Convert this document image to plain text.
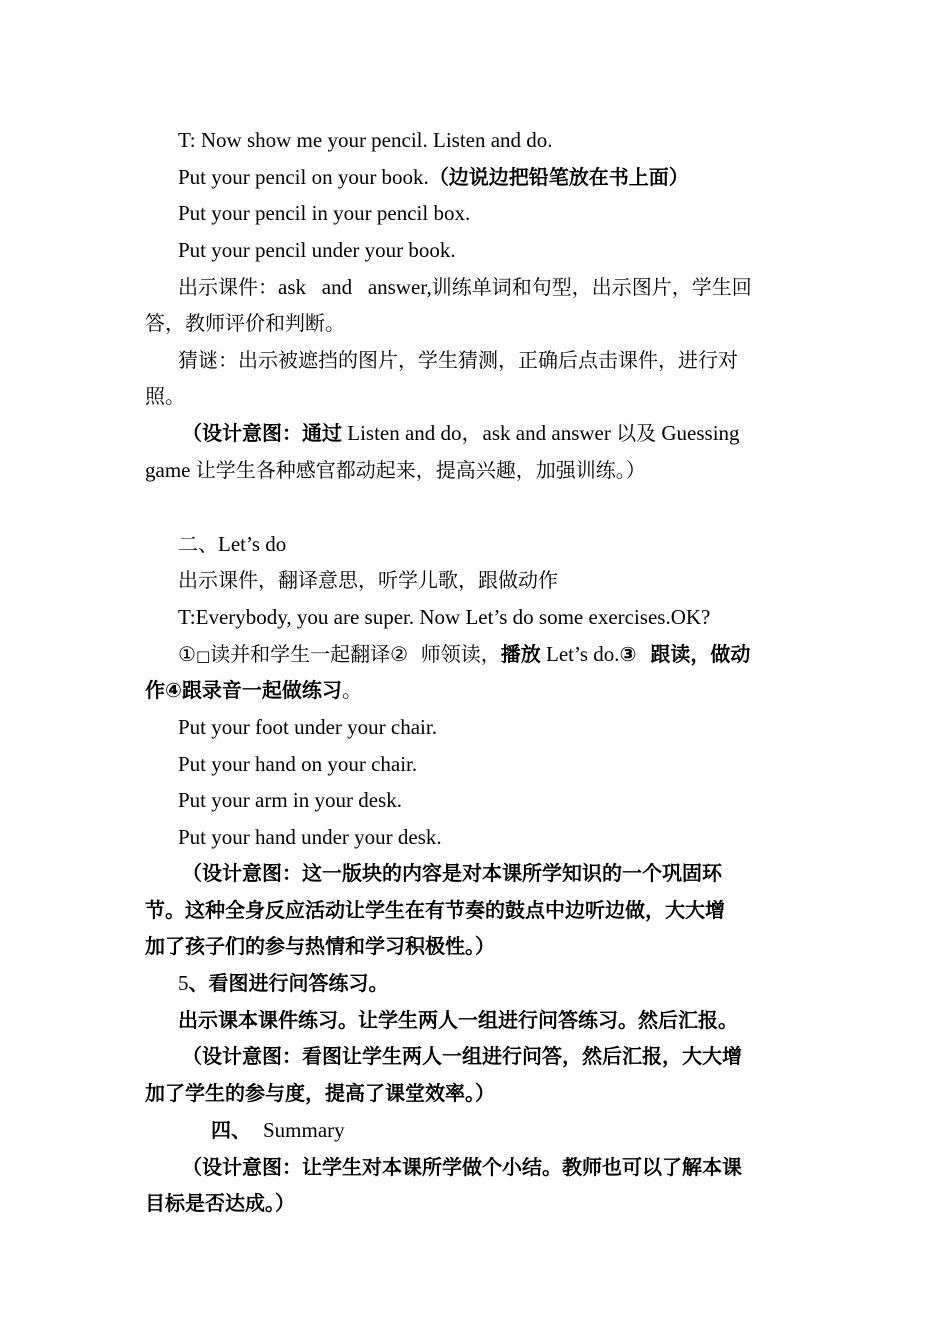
T: Now show me your pencil. Listen and do.
Put your pencil on your book.（边说边把铅笔放在书上面）
Put your pencil in your pencil box.
Put your pencil under your book.
出示课件：ask   and   answer,训练单词和句型，出示图片，学生回
答，教师评价和判断。
猜谜：出示被遮挡的图片，学生猜测，正确后点击课件，进行对
照。
（设计意图：通过 Listen and do，ask and answer 以及 Guessing
game 让学生各种感官都动起来，提高兴趣，加强训练。）
二、Let’s do
出示课件，翻译意思，听学儿歌，跟做动作
T:Everybody, you are super. Now Let’s do some exercises.OK?
①□读并和学生一起翻译②  师领读，播放 Let’s do.③  跟读，做动
作④跟录音一起做练习。
Put your foot under your chair.
Put your hand on your chair.
Put your arm in your desk.
Put your hand under your desk.
（设计意图：这一版块的内容是对本课所学知识的一个巩固环
节。这种全身反应活动让学生在有节奏的鼓点中边听边做，大大增
加了孩子们的参与热情和学习积极性。）
5、看图进行问答练习。
出示课本课件练习。让学生两人一组进行问答练习。然后汇报。
（设计意图：看图让学生两人一组进行问答，然后汇报，大大增
加了学生的参与度，提高了课堂效率。）
四、 Summary
（设计意图：让学生对本课所学做个小结。教师也可以了解本课
目标是否达成。）
